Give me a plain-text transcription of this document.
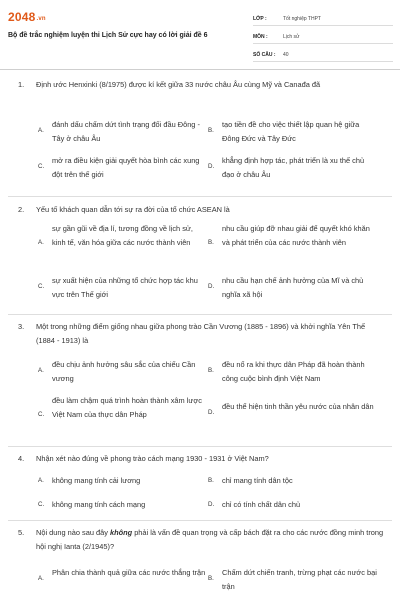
2048.vn
Bộ đề trắc nghiệm luyện thi Lịch Sử cực hay có lời giải đề 6
LỚP :	Tốt nghiệp THPT
MÔN :	Lịch sử
SỐ CÂU :	40
1.	Định ước Henxinki (8/1975) được kí kết giữa 33 nước châu Âu cùng Mỹ và Canađa đã
A.
đánh dấu chấm dứt tình trạng đối đầu Đông - Tây ở châu Âu
B.
tạo tiền đề cho việc thiết lập quan hệ giữa Đông Đức và Tây Đức
C.
mở ra điều kiện giải quyết hòa bình các xung đột trên thế giới
D.
khẳng định hợp tác, phát triển là xu thế chủ đạo ở châu Âu
2.	Yếu tố khách quan dẫn tới sự ra đời của tổ chức ASEAN là
A.
sự gần gũi về địa lí, tương đồng về lịch sử, kinh tế, văn hóa giữa các nước thành viên	B.
nhu cầu giúp đỡ nhau giải để quyết khó khăn và phát triển của các nước thành viên
C.
sự xuất hiện của những tổ chức hợp tác khu vực trên Thế giới
D.
nhu cầu hạn chế ảnh hưởng của Mĩ và chủ nghĩa xã hội
3.	Một trong những điểm giống nhau giữa phong trào Cần Vương (1885 - 1896) và khởi nghĩa Yên Thế (1884 - 1913) là
A.
đều chịu ảnh hưởng sâu sắc của chiếu Cần vương
B.
đều nổ ra khi thực dân Pháp đã hoàn thành công cuộc bình định Việt Nam
C.
đều làm chậm quá trình hoàn thành xâm lược Việt Nam của thực dân Pháp	D.
đều thể hiện tinh thần yêu nước của nhân dân
4.	Nhận xét nào đúng về phong trào cách mạng 1930 - 1931 ở Việt Nam?
A.	không mang tính cải lương	B.	chỉ mang tính dân tộc
C.	không mang tính cách mạng	D.	chỉ có tính chất dân chủ
5.	Nội dung nào sau đây không phải là vấn đề quan trọng và cấp bách đặt ra cho các nước đồng minh trong hội nghị Ianta (2/1945)?
A.
Phân chia thành quả giữa các nước thắng trận
B.
Chấm dứt chiến tranh, trừng phạt các nước bại trận
